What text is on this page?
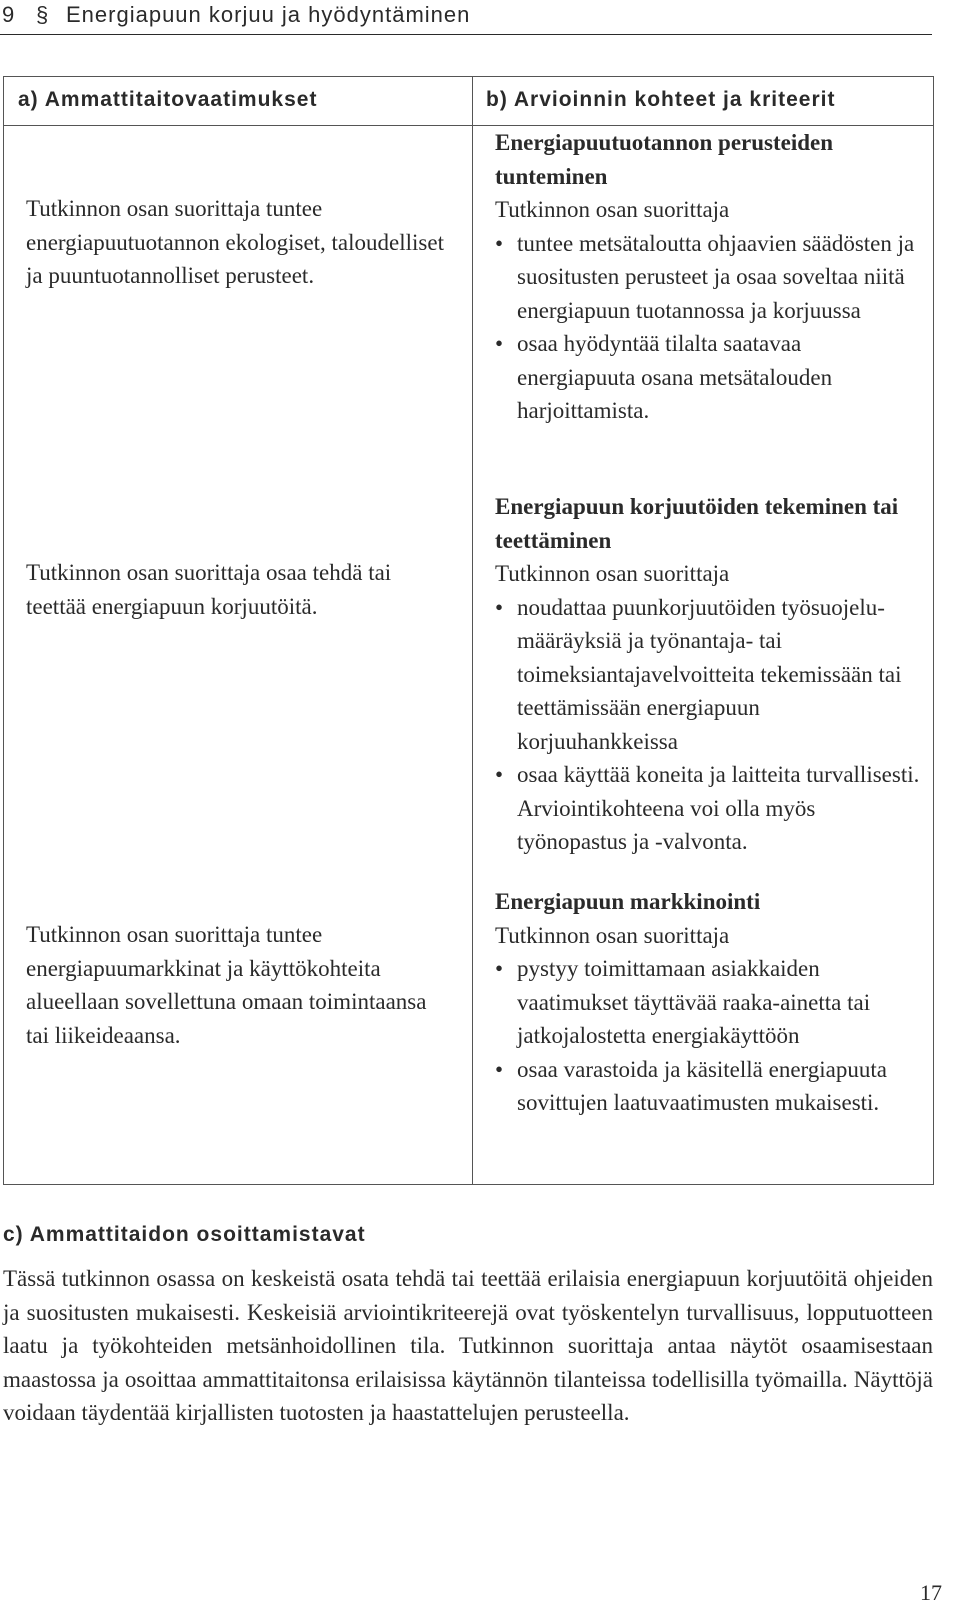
9 § Energiapuun korjuu ja hyödyntäminen
a) Ammattitaitovaatimukset	b) Arvioinnin kohteet ja kriteerit
Tutkinnon osan suorittaja tuntee energiapuutuotannon ekologiset, taloudelliset ja puuntuotannolliset perusteet.
Tutkinnon osan suorittaja osaa tehdä tai teettää energiapuun korjuutöitä.
Tutkinnon osan suorittaja tuntee energiapuumarkkinat ja käyttökohteita alueellaan sovellettuna omaan toimintaansa tai liikeideaansa.
Energiapuutuotannon perusteiden tunteminen
Tutkinnon osan suorittaja
• tuntee metsätaloutta ohjaavien säädösten ja suositusten perusteet ja osaa soveltaa niitä energiapuun tuotannossa ja korjuussa
• osaa hyödyntää tilalta saatavaa energiapuuta osana metsätalouden harjoittamista.
Energiapuun korjuutöiden tekeminen tai teettäminen
Tutkinnon osan suorittaja
• noudattaa puunkorjuutöiden työsuojelu-määräyksiä ja työnantaja- tai toimeksiantajavelvoitteita tekemissään tai teettämissään energiapuun korjuuhankkeissa
• osaa käyttää koneita ja laitteita turvallisesti. Arviointikohteena voi olla myös työnopastus ja -valvonta.
Energiapuun markkinointi
Tutkinnon osan suorittaja
• pystyy toimittamaan asiakkaiden vaatimukset täyttävää raaka-ainetta tai jatkojalostetta energiakäyttöön
• osaa varastoida ja käsitellä energiapuuta sovittujen laatuvaatimusten mukaisesti.
c) Ammattitaidon osoittamistavat
Tässä tutkinnon osassa on keskeistä osata tehdä tai teettää erilaisia energiapuun korjuutöitä ohjeiden ja suositusten mukaisesti. Keskeisiä arviointikriteerejä ovat työskentelyn turvallisuus, lopputuotteen laatu ja työkohteiden metsänhoidollinen tila. Tutkinnon suorittaja antaa näytöt osaamisestaan maastossa ja osoittaa ammattitaitonsa erilaisissa käytännön tilanteissa todellisilla työmailla. Näyttöjä voidaan täydentää kirjallisten tuotosten ja haastattelujen perusteella.
17
